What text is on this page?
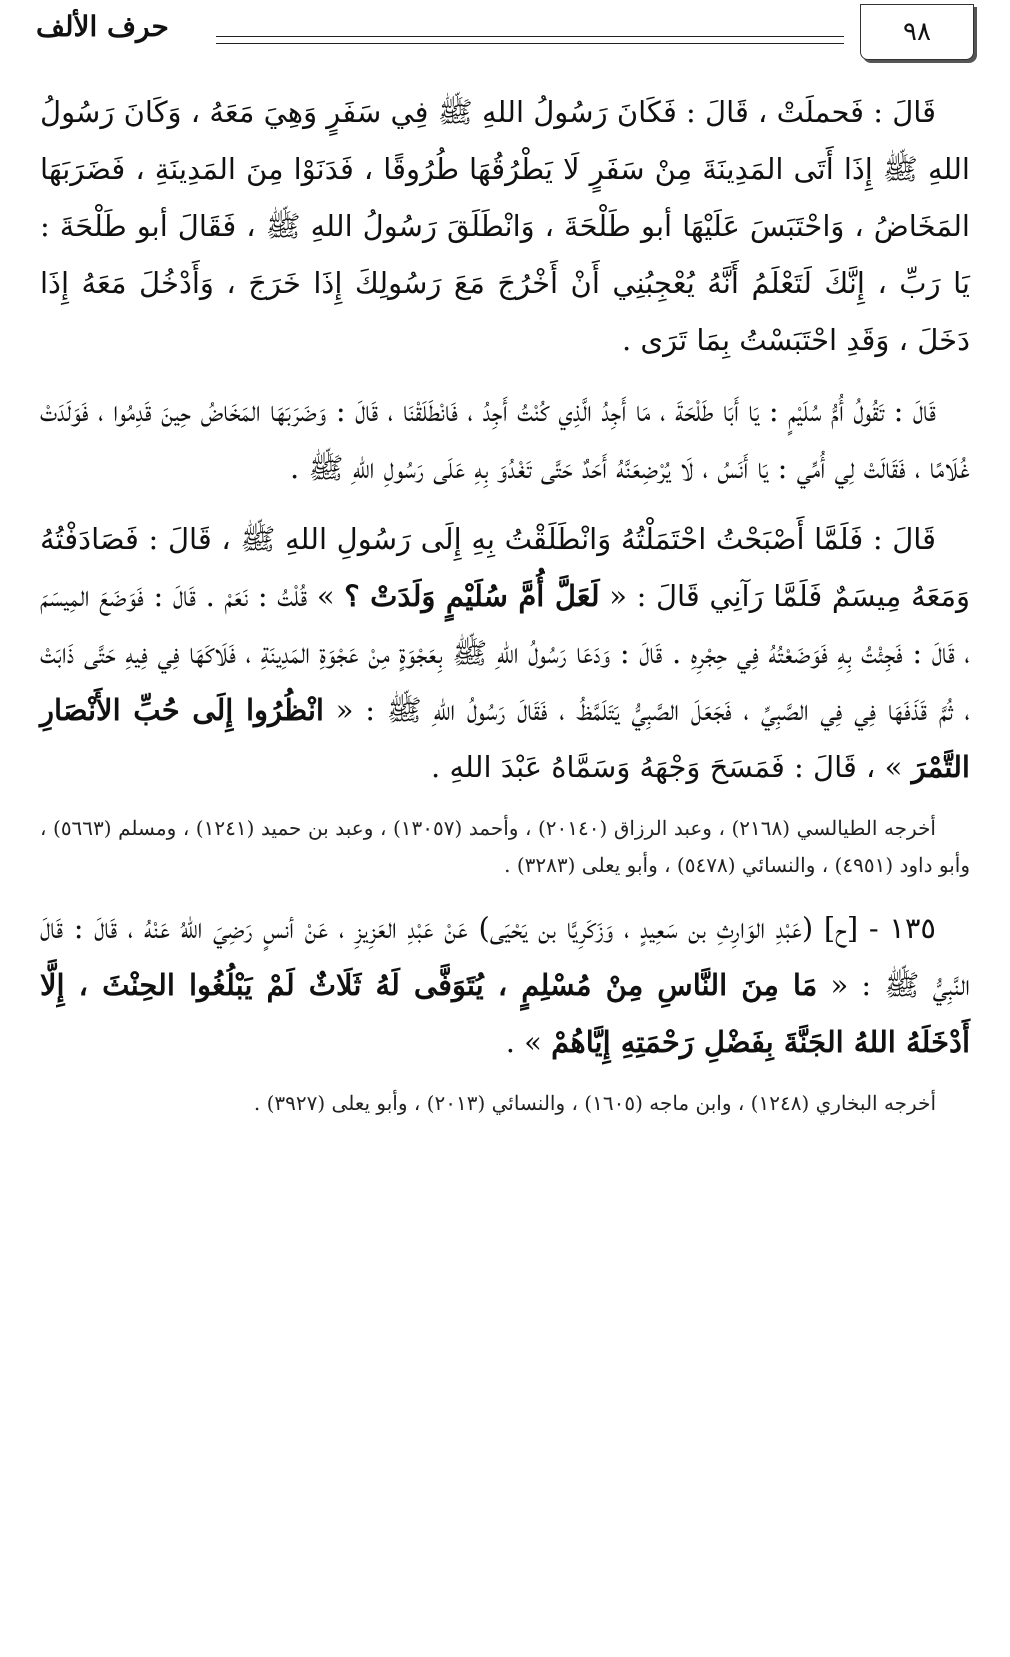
٩٨
حرف الألف

قَالَ : فَحملَتْ ، قَالَ : فَكَانَ رَسُولُ اللهِ ﷺ فِي سَفَرٍ وَهِيَ مَعَهُ ، وَكَانَ رَسُولُ اللهِ ﷺ إِذَا أَتَى المَدِينَةَ مِنْ سَفَرٍ لَا يَطْرُقُهَا طُرُوقًا ، فَدَنَوْا مِنَ المَدِينَةِ ، فَضَرَبَهَا المَخَاضُ ، وَاحْتَبَسَ عَلَيْهَا أبو طَلْحَةَ ، وَانْطَلَقَ رَسُولُ اللهِ ﷺ ، فَقَالَ أبو طَلْحَةَ : يَا رَبِّ ، إِنَّكَ لَتَعْلَمُ أَنَّهُ يُعْجِبُنِي أَنْ أَخْرُجَ مَعَ رَسُولِكَ إِذَا خَرَجَ ، وَأَدْخُلَ مَعَهُ إِذَا دَخَلَ ، وَقَدِ احْتَبَسْتُ بِمَا تَرَى .

قَالَ : تَقُولُ أُمُّ سُلَيْمٍ : يَا أَبَا طَلْحَةَ ، مَا أَجِدُ الَّذِي كُنْتُ أَجِدُ ، فَانْطَلَقْنَا ، قَالَ : وَضَرَبَهَا المَخَاضُ حِينَ قَدِمُوا ، فَوَلَدَتْ غُلَامًا ، فَقَالَتْ لِي أُمِّي : يَا أَنَسُ ، لَا يُرْضِعَنَّهُ أَحَدٌ حَتَّى تَغْدُوَ بِهِ عَلَى رَسُولِ اللهِ ﷺ .

قَالَ : فَلَمَّا أَصْبَحْتُ احْتَمَلْتُهُ وَانْطَلَقْتُ بِهِ إِلَى رَسُولِ اللهِ ﷺ ، قَالَ : فَصَادَفْتُهُ وَمَعَهُ مِيسَمٌ فَلَمَّا رَآنِي قَالَ : « لَعَلَّ أُمَّ سُلَيْمٍ وَلَدَتْ ؟ » قُلْتُ : نَعَمْ . قَالَ : فَوَضَعَ المِيسَمَ ، قَالَ : فَجِئْتُ بِهِ فَوَضَعْتُهُ فِي حِجْرِهِ . قَالَ : وَدَعَا رَسُولُ اللهِ ﷺ بِعَجْوَةٍ مِنْ عَجْوَةِ المَدِينَةِ ، فَلَاكَهَا فِي فِيهِ حَتَّى ذَابَتْ ، ثُمَّ قَذَفَهَا فِي فِي الصَّبِيِّ ، فَجَعَلَ الصَّبِيُّ يَتَلَمَّظُ ، فَقَالَ رَسُولُ اللهِ ﷺ : « انْظُرُوا إِلَى حُبِّ الأَنْصَارِ التَّمْرَ » ، قَالَ : فَمَسَحَ وَجْهَهُ وَسَمَّاهُ عَبْدَ اللهِ .

أخرجه الطيالسي (٢١٦٨) ، وعبد الرزاق (٢٠١٤٠) ، وأحمد (١٣٠٥٧) ، وعبد بن حميد (١٢٤١) ، ومسلم (٥٦٦٣) ، وأبو داود (٤٩٥١) ، والنسائي (٥٤٧٨) ، وأبو يعلى (٣٢٨٣) .

١٣٥ - [ح] (عَبْدِ الوَارِثِ بن سَعِيدٍ ، وَزَكَرِيَّا بن يَحْيَى) عَنْ عَبْدِ العَزِيزِ ، عَنْ أنسٍ رَضِيَ اللهُ عَنْهُ ، قَالَ : قَالَ النَّبِيُّ ﷺ : « مَا مِنَ النَّاسِ مِنْ مُسْلِمٍ ، يُتَوَفَّى لَهُ ثَلَاثٌ لَمْ يَبْلُغُوا الحِنْثَ ، إِلَّا أَدْخَلَهُ اللهُ الجَنَّةَ بِفَضْلِ رَحْمَتِهِ إِيَّاهُمْ » .

أخرجه البخاري (١٢٤٨) ، وابن ماجه (١٦٠٥) ، والنسائي (٢٠١٣) ، وأبو يعلى (٣٩٢٧) .
